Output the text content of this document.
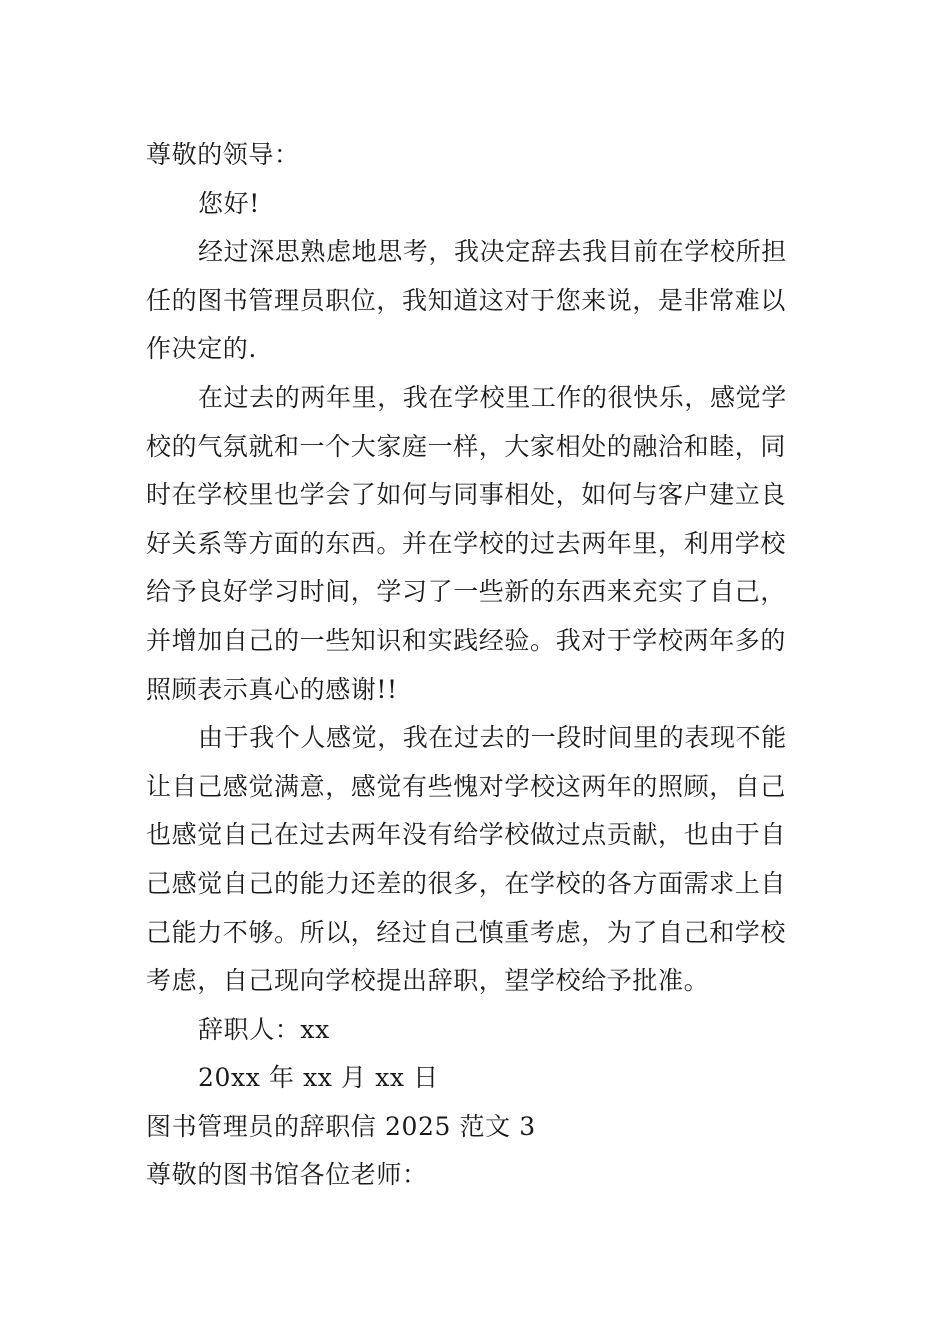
尊敬的领导：
您好!
经过深思熟虑地思考，我决定辞去我目前在学校所担
任的图书管理员职位，我知道这对于您来说，是非常难以
作决定的.
在过去的两年里，我在学校里工作的很快乐，感觉学
校的气氛就和一个大家庭一样，大家相处的融洽和睦，同
时在学校里也学会了如何与同事相处，如何与客户建立良
好关系等方面的东西。并在学校的过去两年里，利用学校
给予良好学习时间，学习了一些新的东西来充实了自己，
并增加自己的一些知识和实践经验。我对于学校两年多的
照顾表示真心的感谢!!
由于我个人感觉，我在过去的一段时间里的表现不能
让自己感觉满意，感觉有些愧对学校这两年的照顾，自己
也感觉自己在过去两年没有给学校做过点贡献，也由于自
己感觉自己的能力还差的很多，在学校的各方面需求上自
己能力不够。所以，经过自己慎重考虑，为了自己和学校
考虑，自己现向学校提出辞职，望学校给予批准。
辞职人：xx
20xx 年 xx 月 xx 日
图书管理员的辞职信 2025 范文 3
尊敬的图书馆各位老师：
